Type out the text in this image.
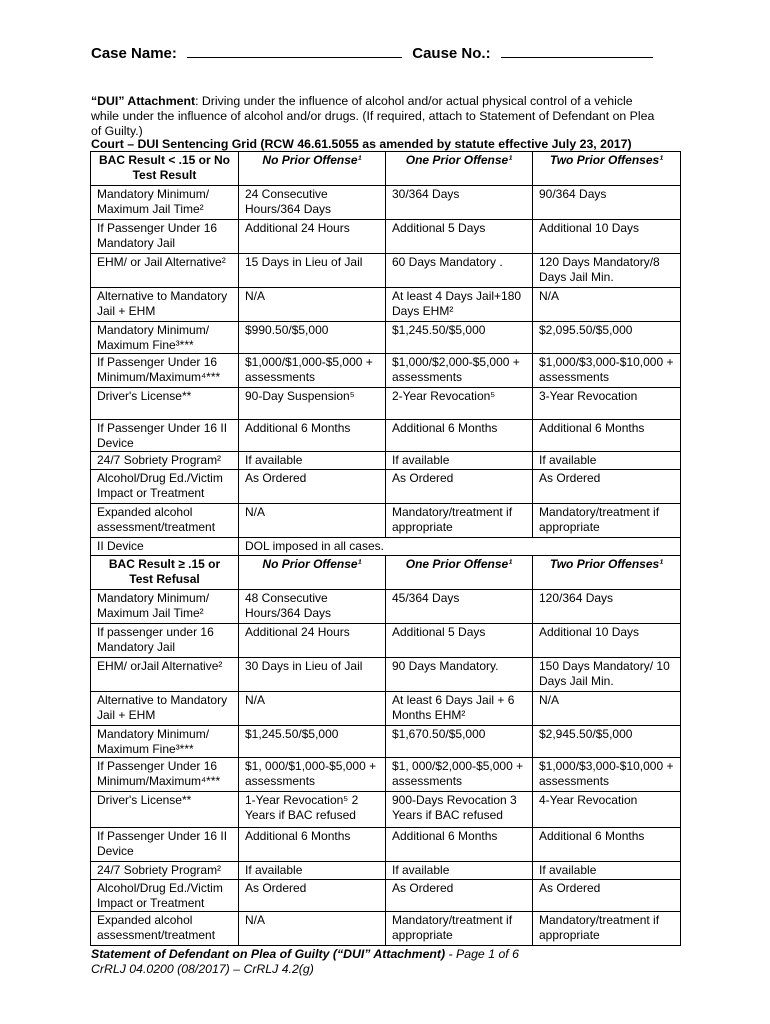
Case Name:	Cause No.:
“DUI” Attachment: Driving under the influence of alcohol and/or actual physical control of a vehicle while under the influence of alcohol and/or drugs. (If required, attach to Statement of Defendant on Plea of Guilty.)
Court – DUI Sentencing Grid (RCW 46.61.5055 as amended by statute effective July 23, 2017)
BAC Result < .15 or No Test Result	No Prior Offense¹	One Prior Offense¹	Two Prior Offenses¹
Mandatory Minimum/ Maximum Jail Time²	24 Consecutive Hours/364 Days	30/364 Days	90/364 Days
If Passenger Under 16 Mandatory Jail	Additional 24 Hours	Additional 5 Days	Additional 10 Days
EHM/ or Jail Alternative²	15 Days in Lieu of Jail	60 Days Mandatory .	120 Days Mandatory/8 Days Jail Min.
Alternative to Mandatory Jail + EHM	N/A	At least 4 Days Jail+180 Days EHM²	N/A
Mandatory Minimum/ Maximum Fine³***	$990.50/$5,000	$1,245.50/$5,000	$2,095.50/$5,000
If Passenger Under 16 Minimum/Maximum⁴***	$1,000/$1,000-$5,000 + assessments	$1,000/$2,000-$5,000 + assessments	$1,000/$3,000-$10,000 + assessments
Driver's License**	90-Day Suspension⁵	2-Year Revocation⁵	3-Year Revocation
If Passenger Under 16 II Device	Additional 6 Months	Additional 6 Months	Additional 6 Months
24/7 Sobriety Program²	If available	If available	If available
Alcohol/Drug Ed./Victim Impact or Treatment	As Ordered	As Ordered	As Ordered
Expanded alcohol assessment/treatment	N/A	Mandatory/treatment if appropriate	Mandatory/treatment if appropriate
II Device	DOL imposed in all cases.		
BAC Result ≥ .15 or Test Refusal	No Prior Offense¹	One Prior Offense¹	Two Prior Offenses¹
Mandatory Minimum/ Maximum Jail Time²	48 Consecutive Hours/364 Days	45/364 Days	120/364 Days
If passenger under 16 Mandatory Jail	Additional 24 Hours	Additional 5 Days	Additional 10 Days
EHM/ orJail Alternative²	30 Days in Lieu of Jail	90 Days Mandatory.	150 Days Mandatory/ 10 Days Jail Min.
Alternative to Mandatory Jail + EHM	N/A	At least 6 Days Jail + 6 Months EHM²	N/A
Mandatory Minimum/ Maximum Fine³***	$1,245.50/$5,000	$1,670.50/$5,000	$2,945.50/$5,000
If Passenger Under 16 Minimum/Maximum⁴***	$1, 000/$1,000-$5,000 + assessments	$1, 000/$2,000-$5,000 + assessments	$1,000/$3,000-$10,000 + assessments
Driver's License**	1-Year Revocation⁵ 2 Years if BAC refused	900-Days Revocation 3 Years if BAC refused	4-Year Revocation
If Passenger Under 16 II Device	Additional 6 Months	Additional 6 Months	Additional 6 Months
24/7 Sobriety Program²	If available	If available	If available
Alcohol/Drug Ed./Victim Impact or Treatment	As Ordered	As Ordered	As Ordered
Expanded alcohol assessment/treatment	N/A	Mandatory/treatment if appropriate	Mandatory/treatment if appropriate
Statement of Defendant on Plea of Guilty (“DUI” Attachment) - Page 1 of 6
CrRLJ 04.0200 (08/2017) – CrRLJ 4.2(g)
